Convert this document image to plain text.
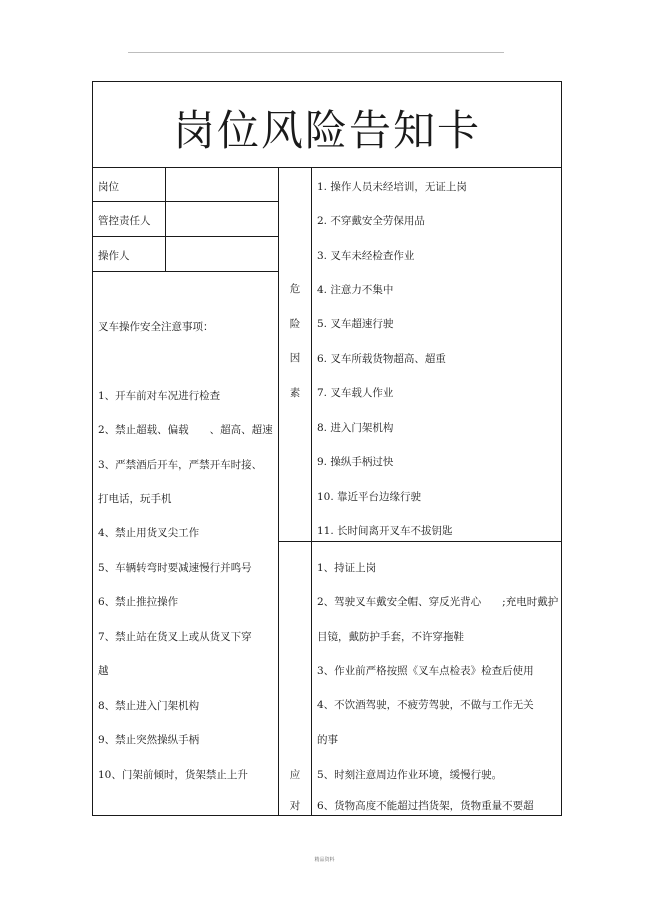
岗位风险告知卡
岗位
管控责任人
操作人
叉车操作安全注意事项：
1、开车前对车况进行检查
2、禁止超载、偏载　　、超高、超速
3、严禁酒后开车，严禁开车时接、
打电话，玩手机
4、禁止用货叉尖工作
5、车辆转弯时要减速慢行并鸣号
6、禁止推拉操作
7、禁止站在货叉上或从货叉下穿
越
8、禁止进入门架机构
9、禁止突然操纵手柄
10、门架前倾时，货架禁止上升
危
险
因
素
1. 操作人员未经培训，无证上岗
2. 不穿戴安全劳保用品
3. 叉车未经检查作业
4. 注意力不集中
5. 叉车超速行驶
6. 叉车所载货物超高、超重
7. 叉车载人作业
8. 进入门架机构
9. 操纵手柄过快
10. 靠近平台边缘行驶
11. 长时间离开叉车不拔钥匙
应
对
1、持证上岗
2、驾驶叉车戴安全帽、穿反光背心　　;充电时戴护
目镜，戴防护手套，不许穿拖鞋
3、作业前严格按照《叉车点检表》检查后使用
4、不饮酒驾驶，不疲劳驾驶，不做与工作无关
的事
5、时刻注意周边作业环境，缓慢行驶。
6、货物高度不能超过挡货架，货物重量不要超
精品资料
